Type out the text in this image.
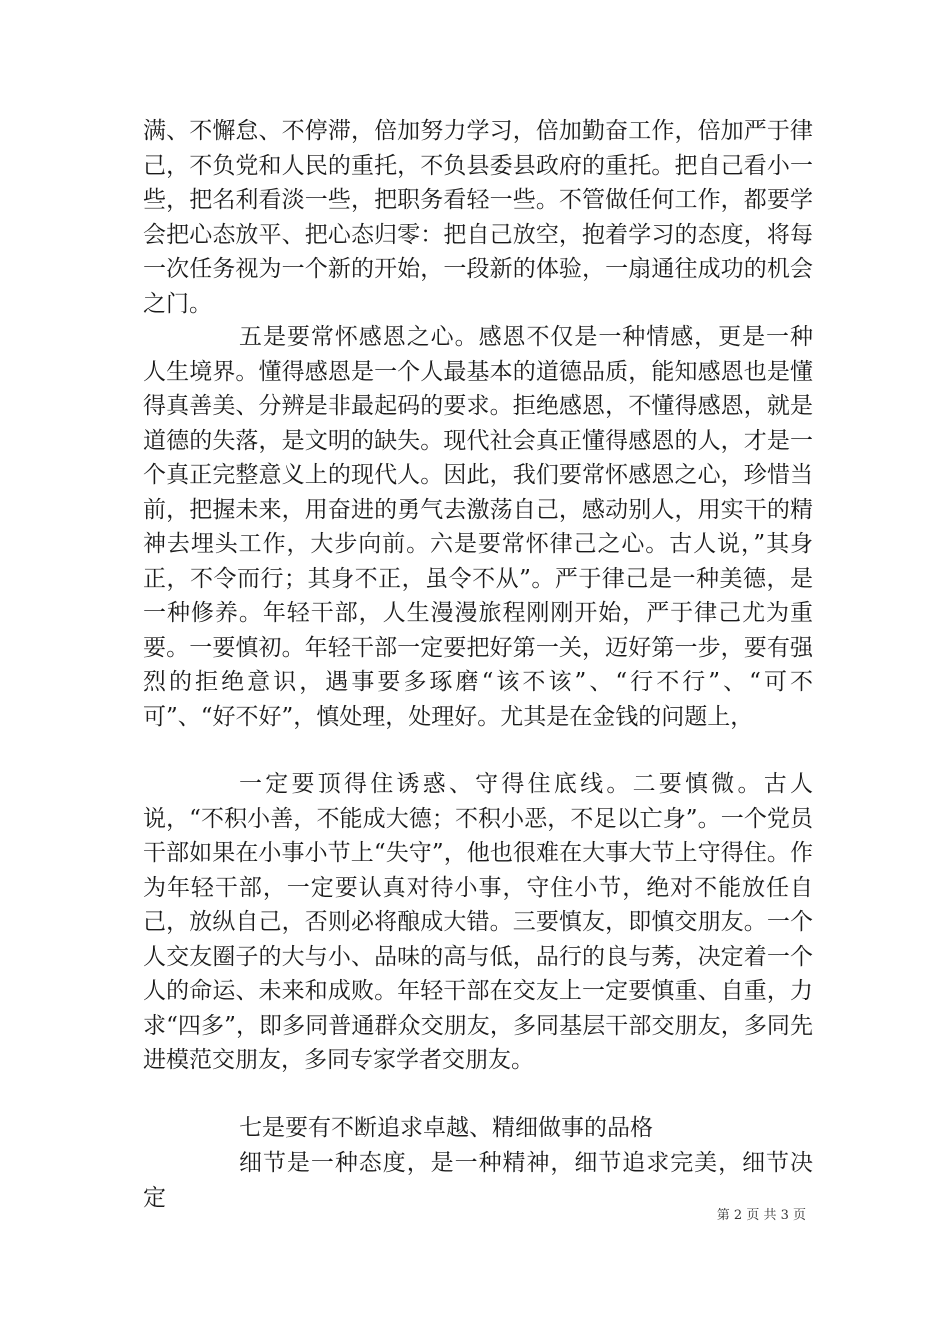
满、不懈怠、不停滞，倍加努力学习，倍加勤奋工作，倍加严于律己，不负党和人民的重托，不负县委县政府的重托。把自己看小一些，把名利看淡一些，把职务看轻一些。不管做任何工作，都要学会把心态放平、把心态归零：把自己放空，抱着学习的态度，将每一次任务视为一个新的开始，一段新的体验，一扇通往成功的机会之门。

五是要常怀感恩之心。感恩不仅是一种情感，更是一种人生境界。懂得感恩是一个人最基本的道德品质，能知感恩也是懂得真善美、分辨是非最起码的要求。拒绝感恩，不懂得感恩，就是道德的失落，是文明的缺失。现代社会真正懂得感恩的人，才是一个真正完整意义上的现代人。因此，我们要常怀感恩之心，珍惜当前，把握未来，用奋进的勇气去激荡自己，感动别人，用实干的精神去埋头工作，大步向前。六是要常怀律己之心。古人说，”其身正，不令而行；其身不正，虽令不从”。严于律己是一种美德，是一种修养。年轻干部，人生漫漫旅程刚刚开始，严于律己尤为重要。一要慎初。年轻干部一定要把好第一关，迈好第一步，要有强烈的拒绝意识，遇事要多琢磨“该不该”、“行不行”、“可不可”、“好不好”，慎处理，处理好。尤其是在金钱的问题上，

一定要顶得住诱惑、守得住底线。二要慎微。古人说，“不积小善，不能成大德；不积小恶，不足以亡身”。一个党员干部如果在小事小节上“失守”，他也很难在大事大节上守得住。作为年轻干部，一定要认真对待小事，守住小节，绝对不能放任自己，放纵自己，否则必将酿成大错。三要慎友，即慎交朋友。一个人交友圈子的大与小、品味的高与低，品行的良与莠，决定着一个人的命运、未来和成败。年轻干部在交友上一定要慎重、自重，力求“四多”，即多同普通群众交朋友，多同基层干部交朋友，多同先进模范交朋友，多同专家学者交朋友。

七是要有不断追求卓越、精细做事的品格

细节是一种态度，是一种精神，细节追求完美，细节决定

第 2 页 共 3 页
